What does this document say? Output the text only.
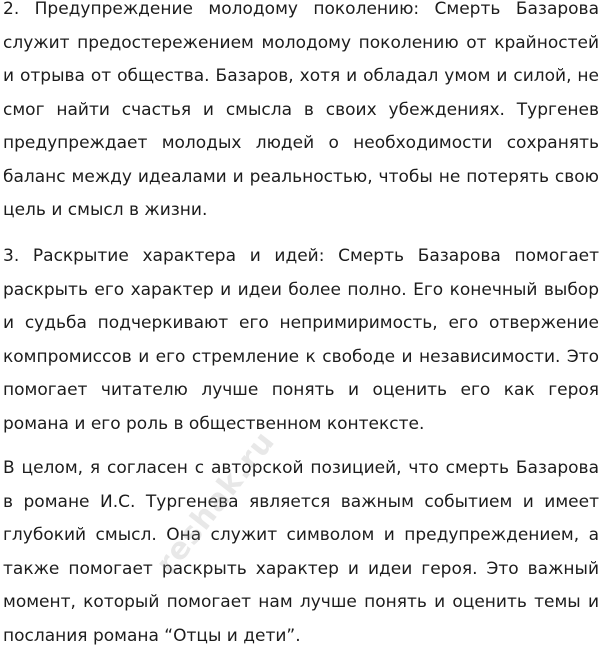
2. Предупреждение молодому поколению: Смерть Базарова служит предостережением молодому поколению от крайностей и отрыва от общества. Базаров, хотя и обладал умом и силой, не смог найти счастья и смысла в своих убеждениях. Тургенев предупреждает молодых людей о необходимости сохранять баланс между идеалами и реальностью, чтобы не потерять свою цель и смысл в жизни.

3. Раскрытие характера и идей: Смерть Базарова помогает раскрыть его характер и идеи более полно. Его конечный выбор и судьба подчеркивают его непримиримость, его отвержение компромиссов и его стремление к свободе и независимости. Это помогает читателю лучше понять и оценить его как героя романа и его роль в общественном контексте.

В целом, я согласен с авторской позицией, что смерть Базарова в романе И.С. Тургенева является важным событием и имеет глубокий смысл. Она служит символом и предупреждением, а также помогает раскрыть характер и идеи героя. Это важный момент, который помогает нам лучше понять и оценить темы и послания романа “Отцы и дети”.

reshak.ru
